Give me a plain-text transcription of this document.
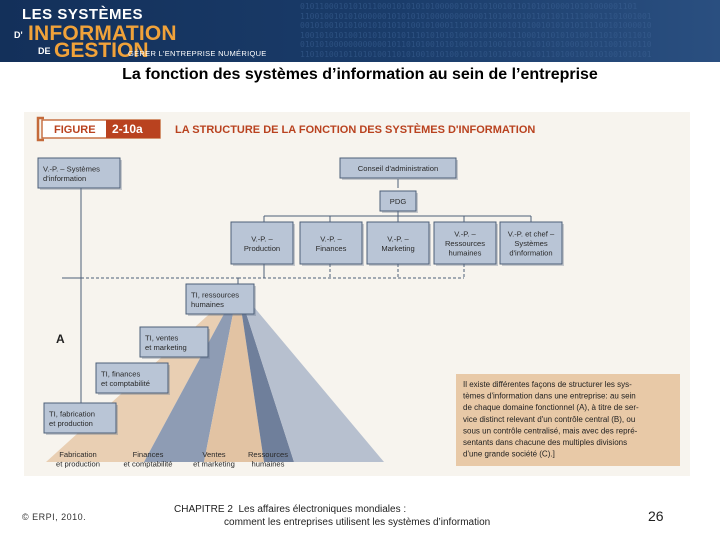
0101100010101011000101010101000001010101001011010101000010101000001101
1100100101010000001010101010000000000011010010101101101111100011101001001
0010100101010010101010100101000111010101010101010010101010111100101000010
1001010101001010101010111010101010010101000111000101010101001110101011010
0101010000000000001011010100101010010101001010101010101000101011001010110
1101010010110101001101010010101001010101010100101011101001010101001010101
LES SYSTÈMES
D' INFORMATION
DE GESTION
GÉRER L'ENTREPRISE NUMÉRIQUE
La fonction des systèmes d’information au sein de l’entreprise
FIGURE 2-10a	LA STRUCTURE DE LA FONCTION DES SYSTÈMES D'INFORMATION
V.-P. – Systèmes
d'information
Conseil d'administration
PDG
V.-P. –
Production
V.-P. –
Finances
V.-P. –
Marketing
V.-P. –
Ressources
humaines
V.-P. et chef –
Systèmes
d'information
TI, ressources
humaines
TI, ventes
et marketing
TI, finances
et comptabilité
TI, fabrication
et production
A
Fabrication
et production
Finances
et comptabilité
Ventes
et marketing
Ressources
humaines
Il existe différentes façons de structurer les sys-
tèmes d'information dans une entreprise: au sein
de chaque domaine fonctionnel (A), à titre de ser-
vice distinct relevant d'un contrôle central (B), ou
sous un contrôle centralisé, mais avec des repré-
sentants dans chacune des multiples divisions
d'une grande société (C).]
© ERPI, 2010.
CHAPITRE 2  Les affaires électroniques mondiales :
comment les entreprises utilisent les systèmes d’information	26
